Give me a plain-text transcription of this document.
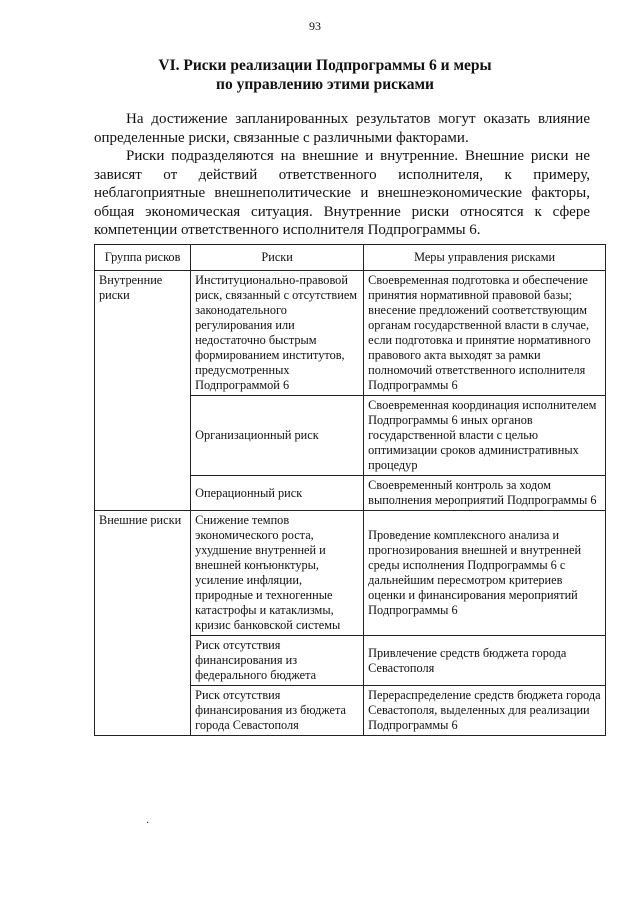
93
VI. Риски реализации Подпрограммы 6 и меры
по управлению этими рисками

На достижение запланированных результатов могут оказать влияние определенные риски, связанные с различными факторами.

Риски подразделяются на внешние и внутренние. Внешние риски не зависят от действий ответственного исполнителя, к примеру, неблагоприятные внешнеполитические и внешнеэкономические факторы, общая экономическая ситуация. Внутренние риски относятся к сфере компетенции ответственного исполнителя Подпрограммы 6.

Группа рисков	Риски	Меры управления рисками
Внутренние риски	Институционально-правовой риск, связанный с отсутствием законодательного регулирования или недостаточно быстрым формированием институтов, предусмотренных Подпрограммой 6	Своевременная подготовка и обеспечение принятия нормативной правовой базы; внесение предложений соответствующим органам государственной власти в случае, если подготовка и принятие нормативного правового акта выходят за рамки полномочий ответственного исполнителя Подпрограммы 6
	Организационный риск	Своевременная координация исполнителем Подпрограммы 6 иных органов государственной власти с целью оптимизации сроков административных процедур
	Операционный риск	Своевременный контроль за ходом выполнения мероприятий Подпрограммы 6
Внешние риски	Снижение темпов экономического роста, ухудшение внутренней и внешней конъюнктуры, усиление инфляции, природные и техногенные катастрофы и катаклизмы, кризис банковской системы	Проведение комплексного анализа и прогнозирования внешней и внутренней среды исполнения Подпрограммы 6 с дальнейшим пересмотром критериев оценки и финансирования мероприятий Подпрограммы 6
	Риск отсутствия финансирования из федерального бюджета	Привлечение средств бюджета города Севастополя
	Риск отсутствия финансирования из бюджета города Севастополя	Перераспределение средств бюджета города Севастополя, выделенных для реализации Подпрограммы 6
·
